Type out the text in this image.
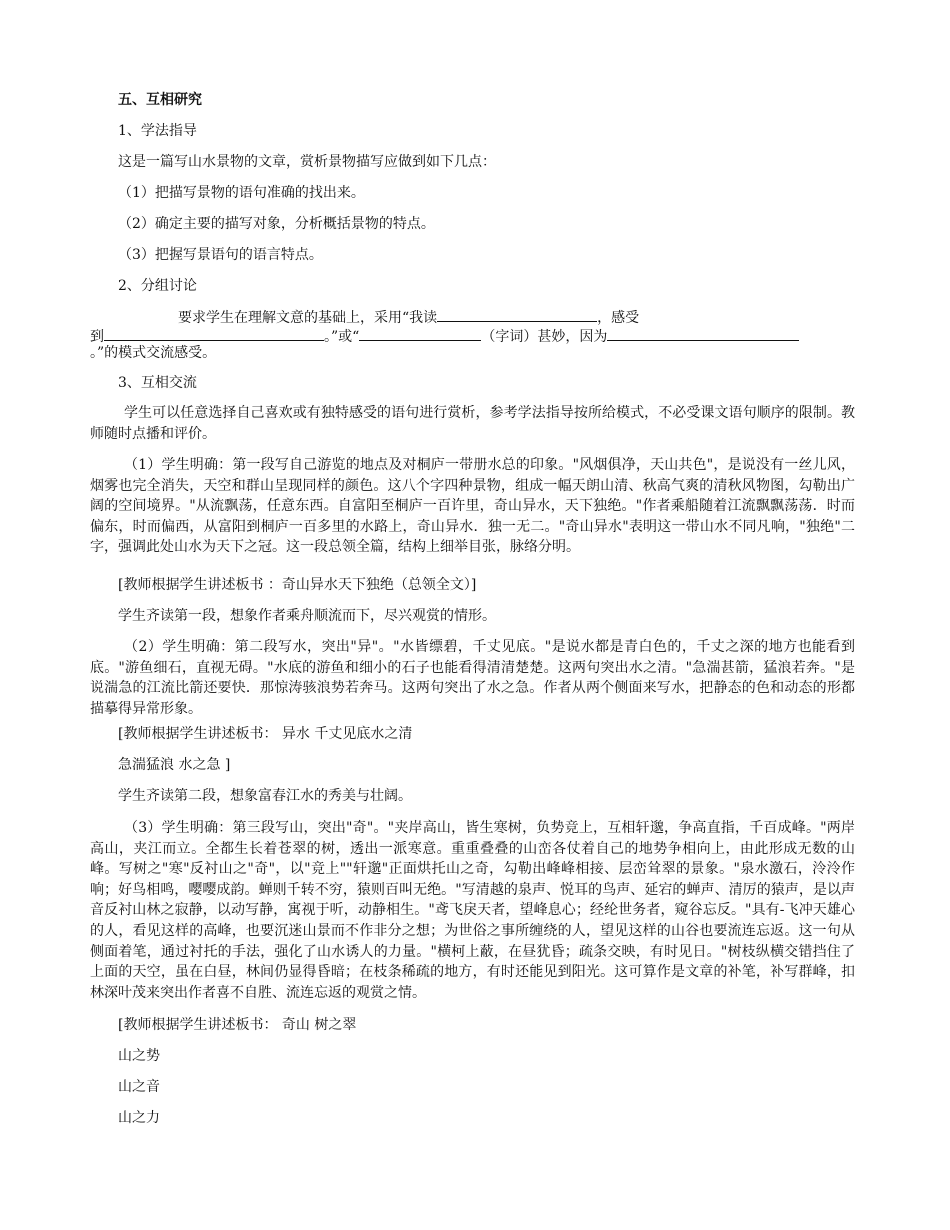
五、互相研究
1、学法指导
这是一篇写山水景物的文章，赏析景物描写应做到如下几点：
（1）把描写景物的语句准确的找出来。
（2）确定主要的描写对象，分析概括景物的特点。
（3）把握写景语句的语言特点。
2、分组讨论
要求学生在理解文意的基础上，采用“我读	，感受
到	。”或“	（字词）甚妙，因为
。”的模式交流感受。
3、互相交流
学生可以任意选择自己喜欢或有独特感受的语句进行赏析，参考学法指导按所给模式，不必受课文语句顺序的限制。教师随时点播和评价。
（1）学生明确：第一段写自己游览的地点及对桐庐一带册水总的印象。"风烟俱净，天山共色"，是说没有一丝儿风，烟雾也完全消失，天空和群山呈现同样的颜色。这八个字四种景物，组成一幅天朗山清、秋高气爽的清秋风物图，勾勒出广阔的空间境界。"从流飘荡，任意东西。自富阳至桐庐一百许里，奇山异水，天下独绝。"作者乘船随着江流飘飘荡荡．时而偏东，时而偏西，从富阳到桐庐一百多里的水路上，奇山异水．独一无二。"奇山异水"表明这一带山水不同凡响，"独绝"二字，强调此处山水为天下之冠。这一段总领全篇，结构上细举目张，脉络分明。
[教师根据学生讲述板书 ：奇山异水天下独绝（总领全文）]
学生齐读第一段，想象作者乘舟顺流而下，尽兴观赏的情形。
（2）学生明确：第二段写水，突出"异"。"水皆缥碧，千丈见底。"是说水都是青白色的，千丈之深的地方也能看到底。"游鱼细石，直视无碍。"水底的游鱼和细小的石子也能看得清清楚楚。这两句突出水之清。"急湍甚箭，猛浪若奔。"是说湍急的江流比箭还要快．那惊涛骇浪势若奔马。这两句突出了水之急。作者从两个侧面来写水，把静态的色和动态的形都描摹得异常形象。
[教师根据学生讲述板书： 异水 千丈见底水之清
急湍猛浪 水之急 ]
学生齐读第二段，想象富春江水的秀美与壮阔。
（3）学生明确：第三段写山，突出"奇"。"夹岸高山，皆生寒树，负势竞上，互相轩邈，争高直指，千百成峰。"两岸高山，夹江而立。全都生长着苍翠的树，透出一派寒意。重重叠叠的山峦各仗着自己的地势争相向上，由此形成无数的山峰。写树之"寒"反衬山之"奇"，以"竞上""轩邈"正面烘托山之奇，勾勒出峰峰相接、层峦耸翠的景象。"泉水激石，泠泠作响；好鸟相鸣，嘤嘤成韵。蝉则千转不穷，猿则百叫无绝。"写清越的泉声、悦耳的鸟声、延宕的蝉声、清厉的猿声，是以声音反衬山林之寂静，以动写静，寓视于听，动静相生。"鸢飞戾天者，望峰息心；经纶世务者，窥谷忘反。"具有-飞冲天雄心的人，看见这样的高峰，也要沉迷山景而不作非分之想；为世俗之事所缠绕的人，望见这样的山谷也要流连忘返。这一句从侧面着笔，通过衬托的手法，强化了山水诱人的力量。"横柯上蔽，在昼犹昏；疏条交映，有时见日。"树枝纵横交错挡住了上面的天空，虽在白昼，林间仍显得昏暗；在枝条稀疏的地方，有时还能见到阳光。这可算作是文章的补笔，补写群峰，扣林深叶茂来突出作者喜不自胜、流连忘返的观赏之情。
[教师根据学生讲述板书： 奇山 树之翠
山之势
山之音
山之力
